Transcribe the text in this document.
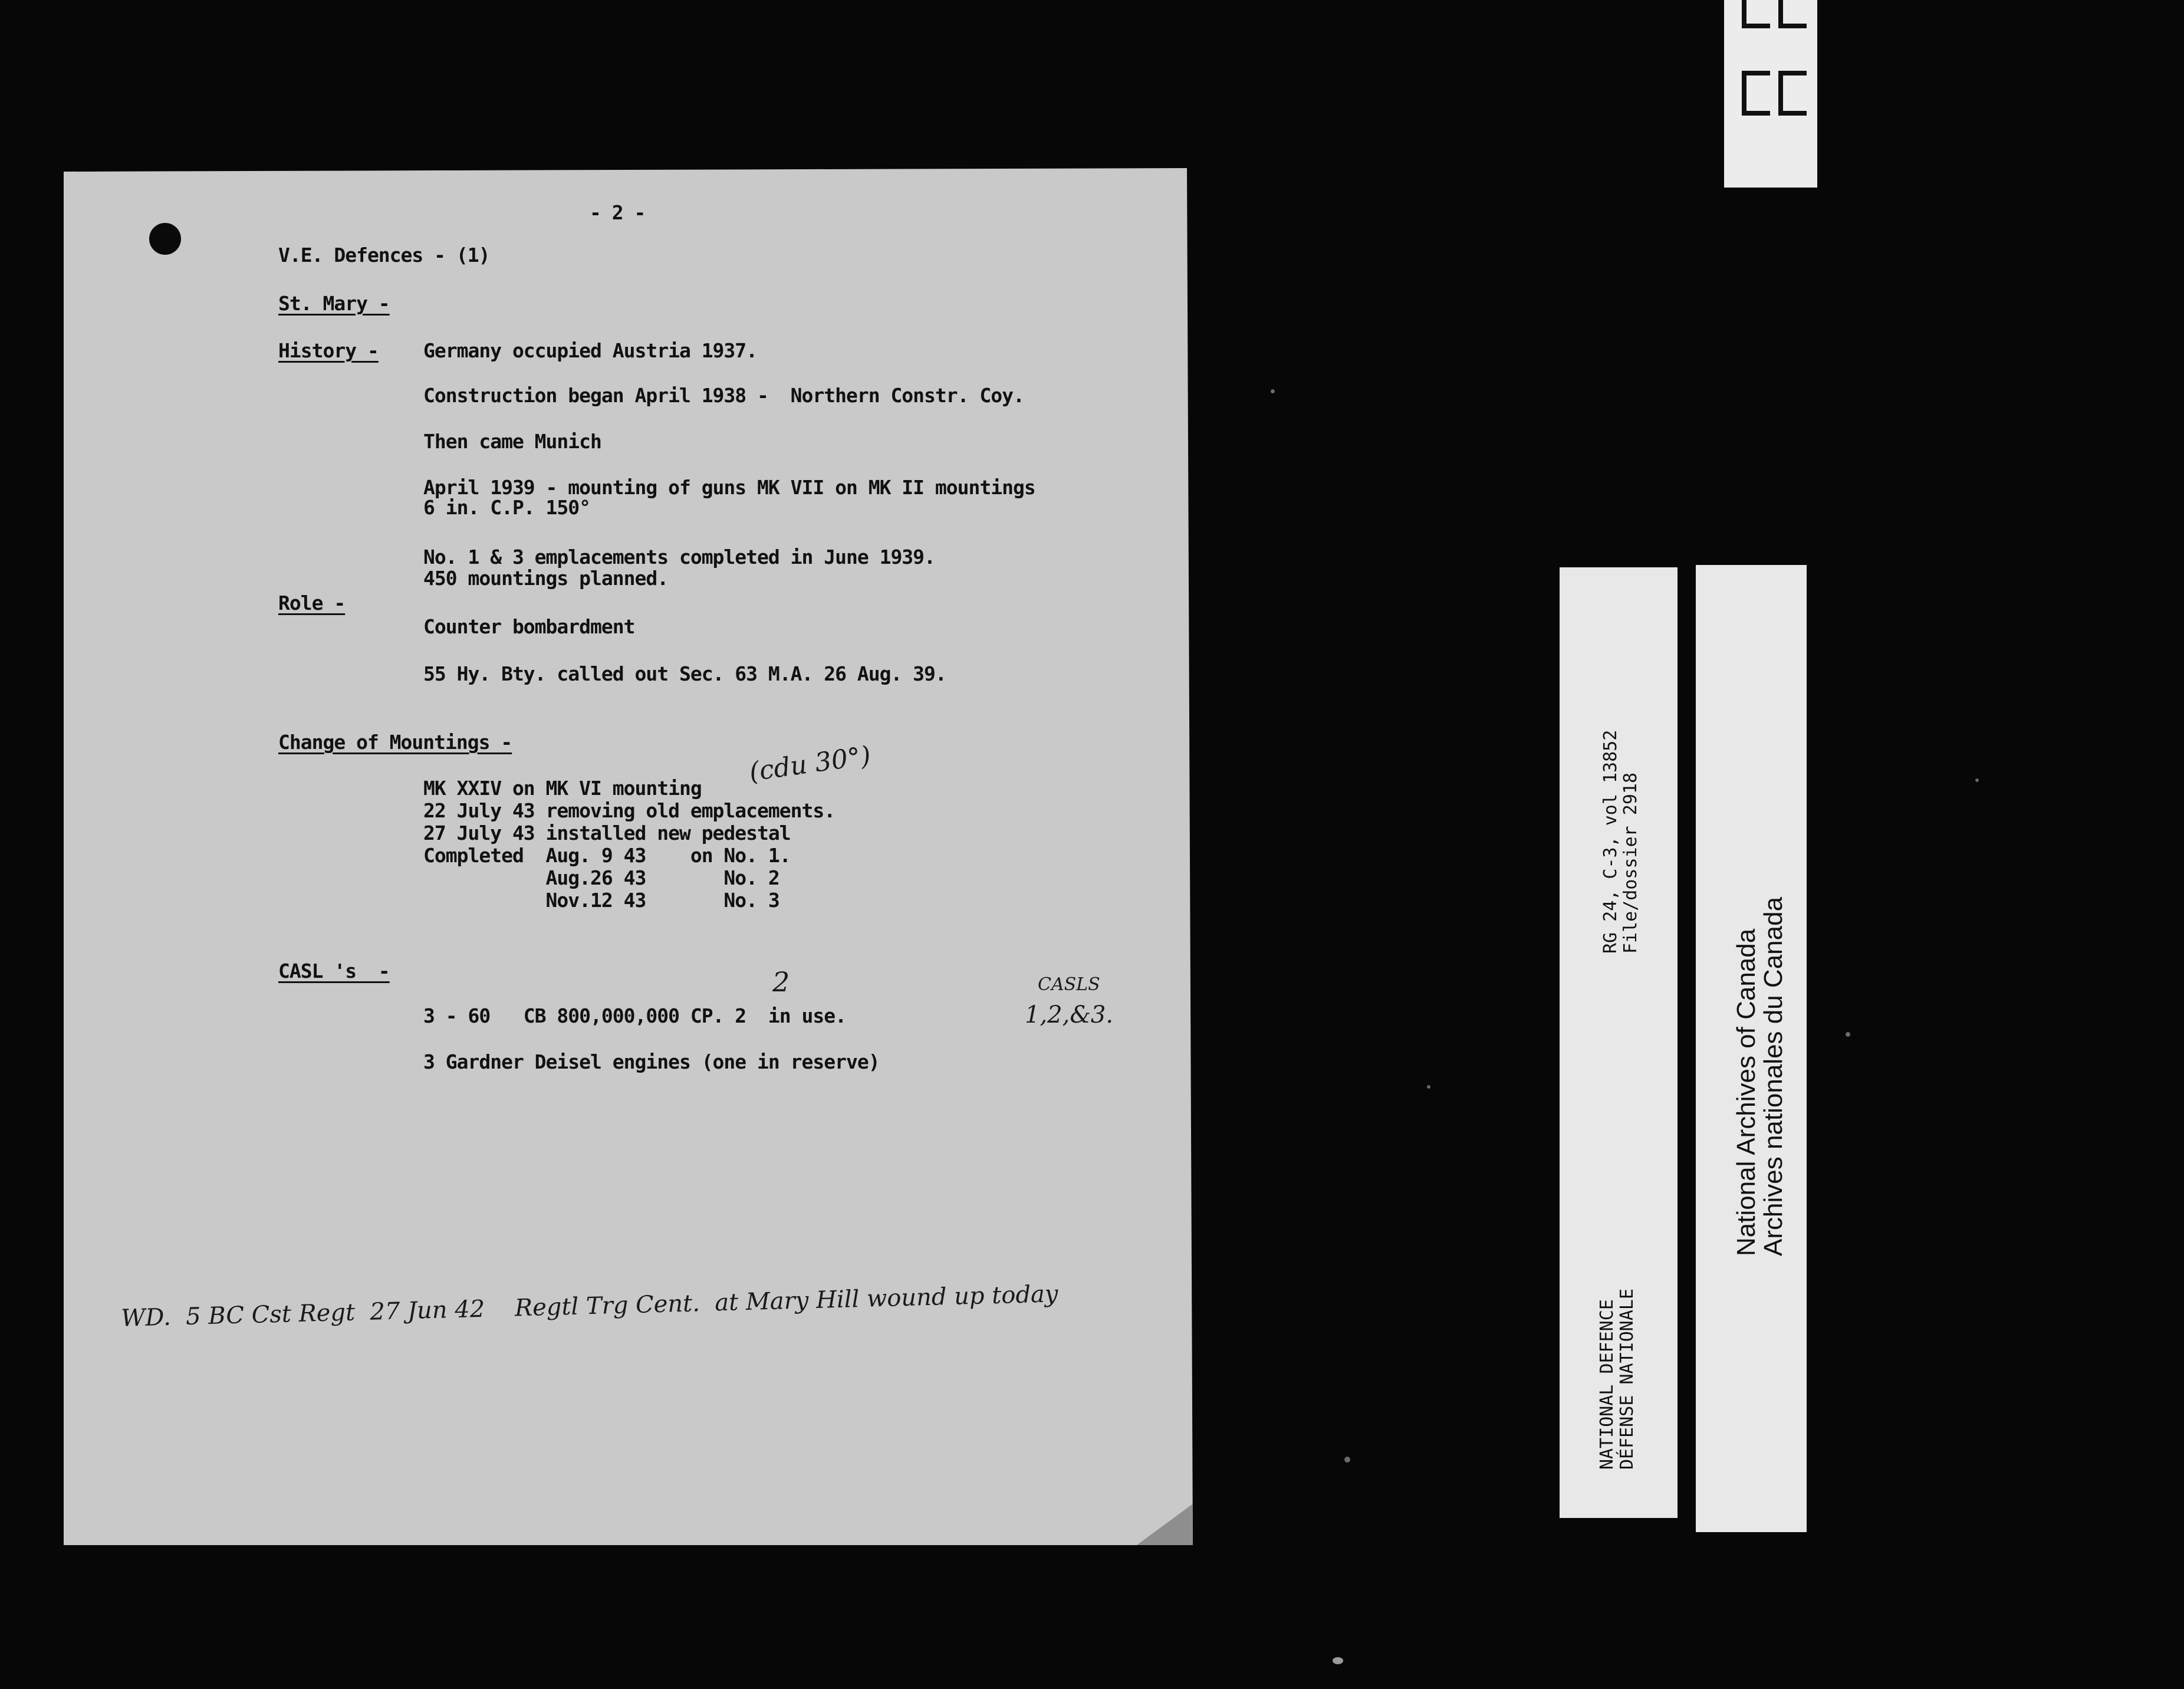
- 2 -
V.E. Defences - (1)
St. Mary -
History - Germany occupied Austria 1937.
Construction began April 1938 -  Northern Constr. Coy.
Then came Munich
April 1939 - mounting of guns MK VII on MK II mountings
6 in. C.P. 150°
No. 1 & 3 emplacements completed in June 1939.
450 mountings planned.
Role -
Counter bombardment
55 Hy. Bty. called out Sec. 63 M.A. 26 Aug. 39.
Change of Mountings -
MK XXIV on MK VI mounting
22 July 43 removing old emplacements.
27 July 43 installed new pedestal
Completed  Aug. 9 43    on No. 1.
Aug.26 43       No. 2
Nov.12 43       No. 3
(cdu 30°)
CASL 's  -
3 - 60   CB 800,000,000 CP. 2  in use.
3 Gardner Deisel engines (one in reserve)
2	CASLS
1,2,&3.
WD.  5 BC Cst Regt  27 Jun 42    Regtl Trg Cent.  at Mary Hill wound up today	NATIONAL DEFENCE DÉFENSE NATIONALE
RG 24, C-3, vol 13852 File/dossier 2918
National Archives of Canada
Archives nationales du Canada
